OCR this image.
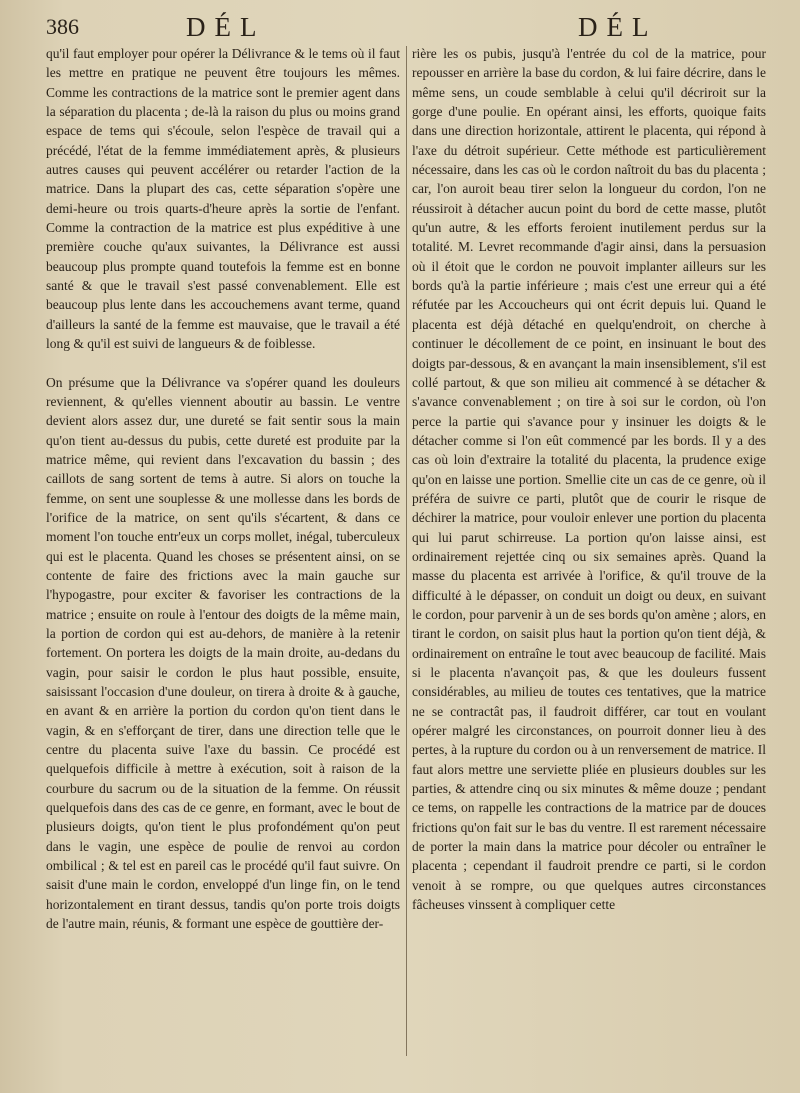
386	DÉL	DÉL

qu'il faut employer pour opérer la Délivrance & le tems où il faut les mettre en pratique ne peuvent être toujours les mêmes. Comme les contractions de la matrice sont le premier agent dans la séparation du placenta ; de-là la raison du plus ou moins grand espace de tems qui s'écoule, selon l'espèce de travail qui a précédé, l'état de la femme immédiatement après, & plusieurs autres causes qui peuvent accélérer ou retarder l'action de la matrice. Dans la plupart des cas, cette séparation s'opère une demi-heure ou trois quarts-d'heure après la sortie de l'enfant. Comme la contraction de la matrice est plus expéditive à une première couche qu'aux suivantes, la Délivrance est aussi beaucoup plus prompte quand toutefois la femme est en bonne santé & que le travail s'est passé convenablement. Elle est beaucoup plus lente dans les accouchemens avant terme, quand d'ailleurs la santé de la femme est mauvaise, que le travail a été long & qu'il est suivi de langueurs & de foiblesse.

On présume que la Délivrance va s'opérer quand les douleurs reviennent, & qu'elles viennent aboutir au bassin. Le ventre devient alors assez dur, une dureté se fait sentir sous la main qu'on tient au-dessus du pubis, cette dureté est produite par la matrice même, qui revient dans l'excavation du bassin ; des caillots de sang sortent de tems à autre. Si alors on touche la femme, on sent une souplesse & une mollesse dans les bords de l'orifice de la matrice, on sent qu'ils s'écartent, & dans ce moment l'on touche entr'eux un corps mollet, inégal, tuberculeux qui est le placenta. Quand les choses se présentent ainsi, on se contente de faire des frictions avec la main gauche sur l'hypogastre, pour exciter & favoriser les contractions de la matrice ; ensuite on roule à l'entour des doigts de la même main, la portion de cordon qui est au-dehors, de manière à la retenir fortement. On portera les doigts de la main droite, au-dedans du vagin, pour saisir le cordon le plus haut possible, ensuite, saisissant l'occasion d'une douleur, on tirera à droite & à gauche, en avant & en arrière la portion du cordon qu'on tient dans le vagin, & en s'efforçant de tirer, dans une direction telle que le centre du placenta suive l'axe du bassin. Ce procédé est quelquefois difficile à mettre à exécution, soit à raison de la courbure du sacrum ou de la situation de la femme. On réussit quelquefois dans des cas de ce genre, en formant, avec le bout de plusieurs doigts, qu'on tient le plus profondément qu'on peut dans le vagin, une espèce de poulie de renvoi au cordon ombilical ; & tel est en pareil cas le procédé qu'il faut suivre. On saisit d'une main le cordon, enveloppé d'un linge fin, on le tend horizontalement en tirant dessus, tandis qu'on porte trois doigts de l'autre main, réunis, & formant une espèce de gouttière der-

rière les os pubis, jusqu'à l'entrée du col de la matrice, pour repousser en arrière la base du cordon, & lui faire décrire, dans le même sens, un coude semblable à celui qu'il décriroit sur la gorge d'une poulie. En opérant ainsi, les efforts, quoique faits dans une direction horizontale, attirent le placenta, qui répond à l'axe du détroit supérieur. Cette méthode est particulièrement nécessaire, dans les cas où le cordon naîtroit du bas du placenta ; car, l'on auroit beau tirer selon la longueur du cordon, l'on ne réussiroit à détacher aucun point du bord de cette masse, plutôt qu'un autre, & les efforts feroient inutilement perdus sur la totalité. M. Levret recommande d'agir ainsi, dans la persuasion où il étoit que le cordon ne pouvoit implanter ailleurs sur les bords qu'à la partie inférieure ; mais c'est une erreur qui a été réfutée par les Accoucheurs qui ont écrit depuis lui. Quand le placenta est déjà détaché en quelqu'endroit, on cherche à continuer le décollement de ce point, en insinuant le bout des doigts par-dessous, & en avançant la main insensiblement, s'il est collé partout, & que son milieu ait commencé à se détacher & s'avance convenablement ; on tire à soi sur le cordon, où l'on perce la partie qui s'avance pour y insinuer les doigts & le détacher comme si l'on eût commencé par les bords. Il y a des cas où loin d'extraire la totalité du placenta, la prudence exige qu'on en laisse une portion. Smellie cite un cas de ce genre, où il préféra de suivre ce parti, plutôt que de courir le risque de déchirer la matrice, pour vouloir enlever une portion du placenta qui lui parut schirreuse. La portion qu'on laisse ainsi, est ordinairement rejettée cinq ou six semaines après. Quand la masse du placenta est arrivée à l'orifice, & qu'il trouve de la difficulté à le dépasser, on conduit un doigt ou deux, en suivant le cordon, pour parvenir à un de ses bords qu'on amène ; alors, en tirant le cordon, on saisit plus haut la portion qu'on tient déjà, & ordinairement on entraîne le tout avec beaucoup de facilité. Mais si le placenta n'avançoit pas, & que les douleurs fussent considérables, au milieu de toutes ces tentatives, que la matrice ne se contractât pas, il faudroit différer, car tout en voulant opérer malgré les circonstances, on pourroit donner lieu à des pertes, à la rupture du cordon ou à un renversement de matrice. Il faut alors mettre une serviette pliée en plusieurs doubles sur les parties, & attendre cinq ou six minutes & même douze ; pendant ce tems, on rappelle les contractions de la matrice par de douces frictions qu'on fait sur le bas du ventre. Il est rarement nécessaire de porter la main dans la matrice pour décoler ou entraîner le placenta ; cependant il faudroit prendre ce parti, si le cordon venoit à se rompre, ou que quelques autres circonstances fâcheuses vinssent à compliquer cette
